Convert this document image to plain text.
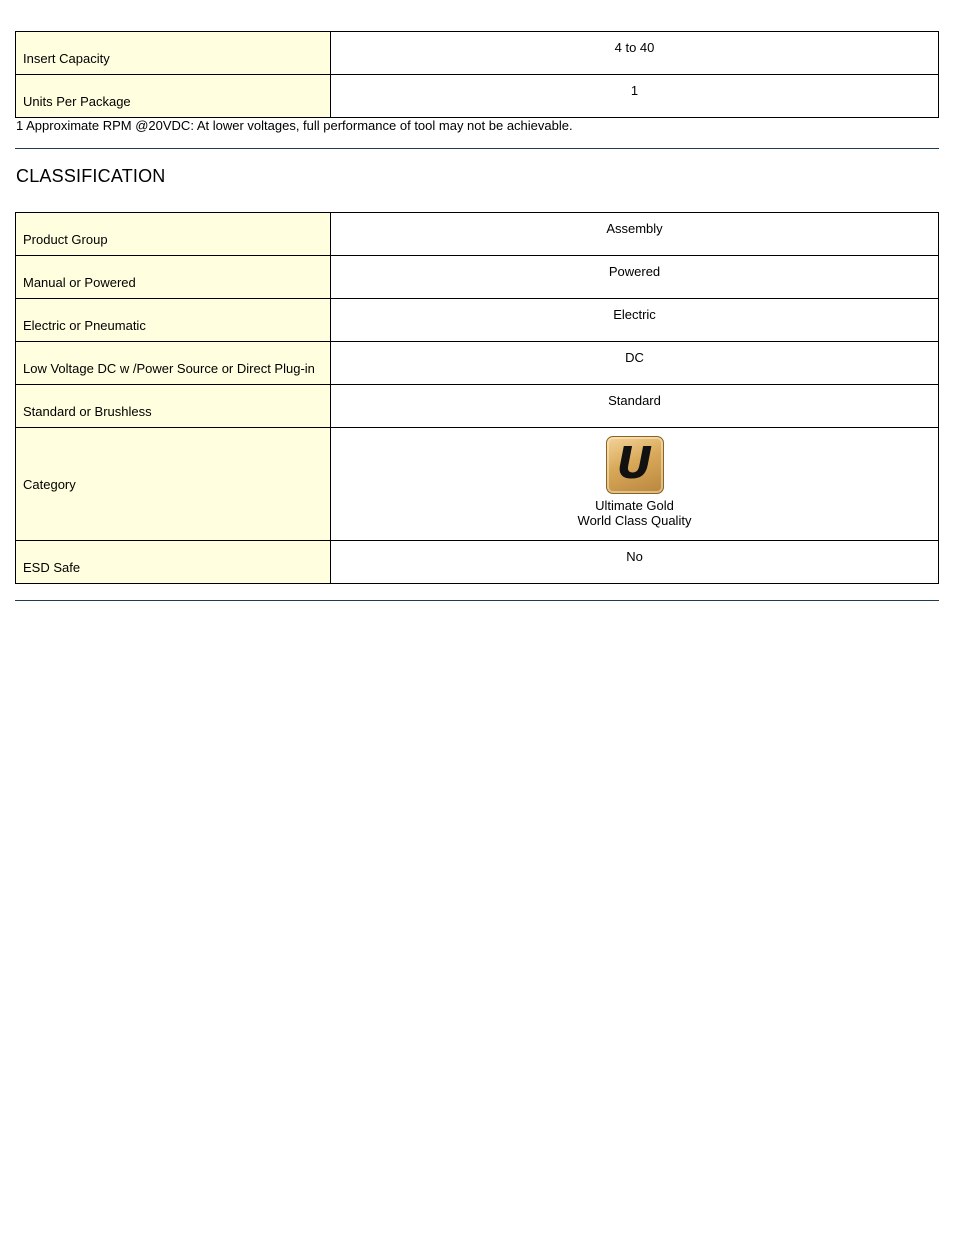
Insert Capacity	4 to 40
Units Per Package	1
1 Approximate RPM @20VDC: At lower voltages, full performance of tool may not be achievable.
CLASSIFICATION
Product Group	Assembly
Manual or Powered	Powered
Electric or Pneumatic	Electric
Low Voltage DC w /Power Source or Direct Plug-in	DC
Standard or Brushless	Standard
Category	U
Ultimate Gold
World Class Quality

ESD Safe	No
